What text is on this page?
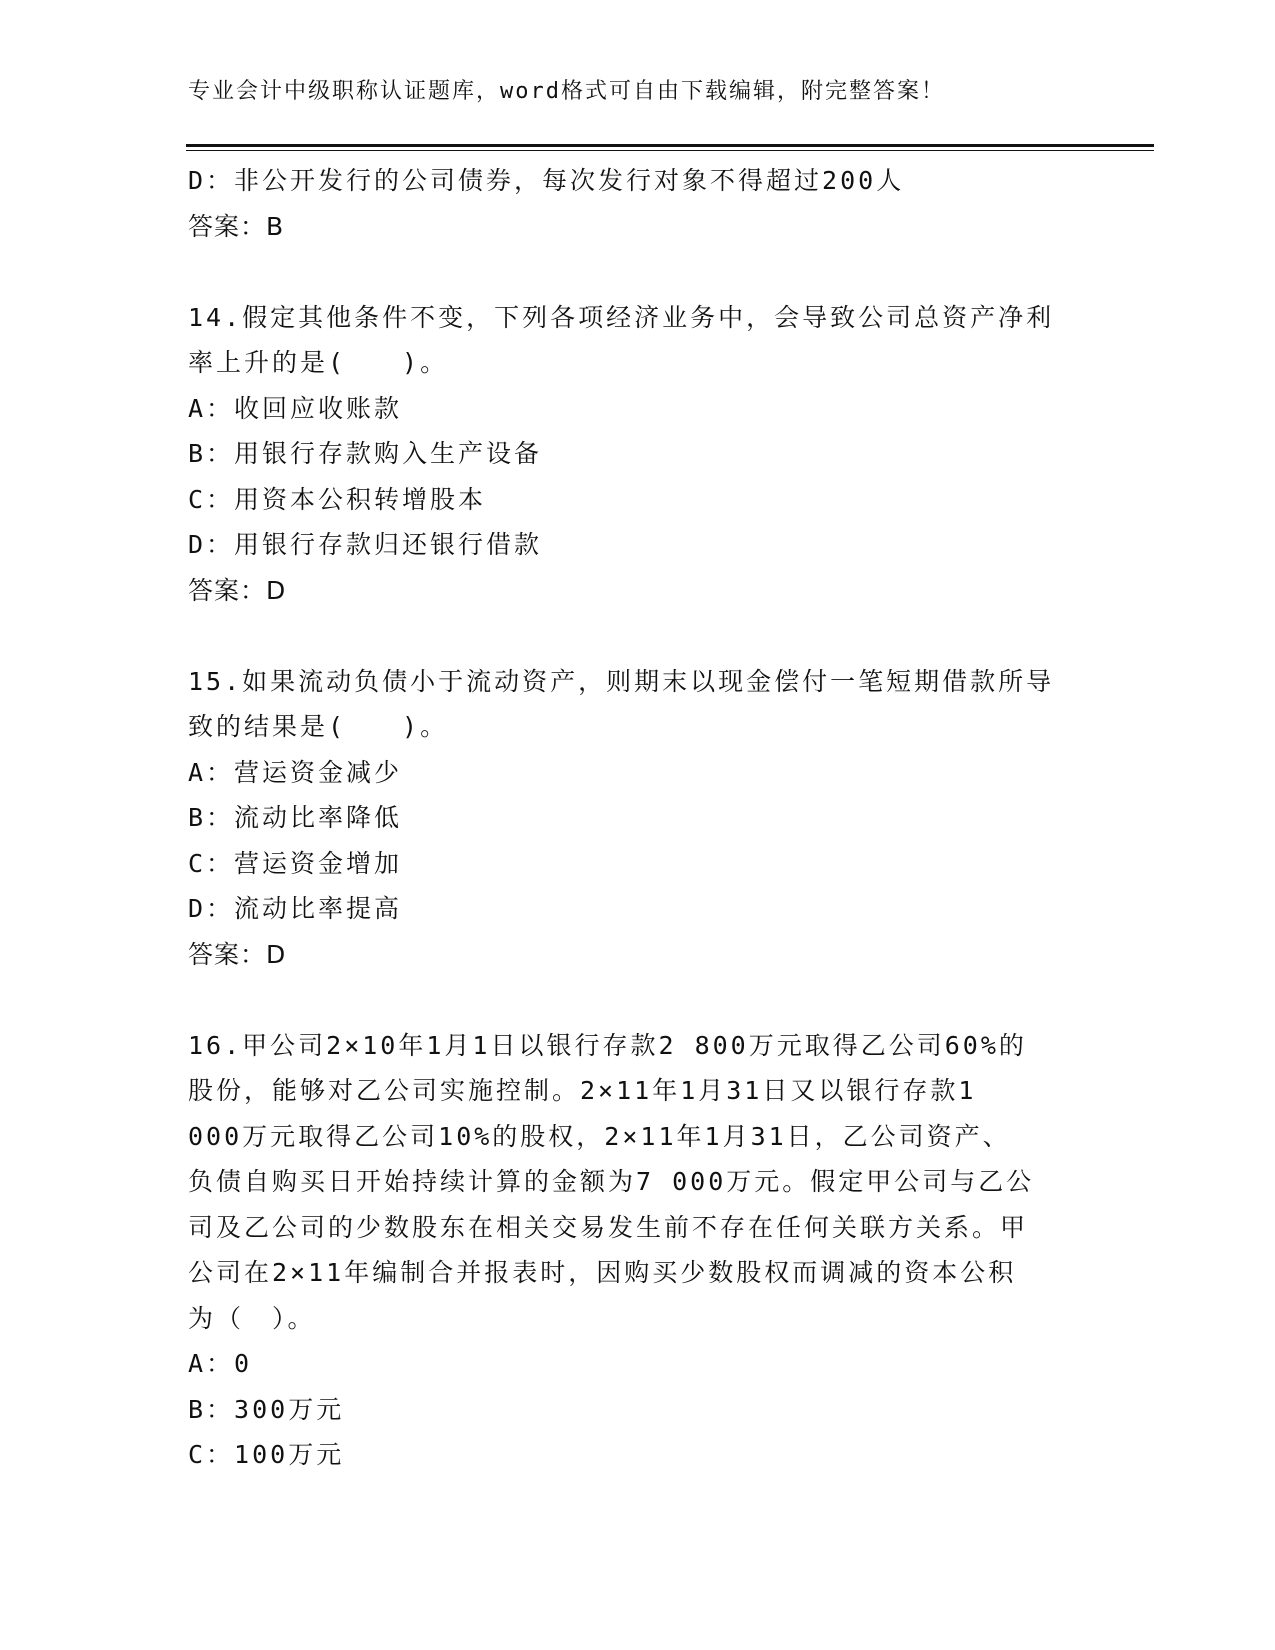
专业会计中级职称认证题库，word格式可自由下载编辑，附完整答案！
D：非公开发行的公司债券，每次发行对象不得超过200人
答案：B
14.假定其他条件不变，下列各项经济业务中，会导致公司总资产净利
率上升的是(　　)。
A：收回应收账款
B：用银行存款购入生产设备
C：用资本公积转增股本
D：用银行存款归还银行借款
答案：D
15.如果流动负债小于流动资产，则期末以现金偿付一笔短期借款所导
致的结果是(　　)。
A：营运资金减少
B：流动比率降低
C：营运资金增加
D：流动比率提高
答案：D
16.甲公司2×10年1月1日以银行存款2 800万元取得乙公司60%的
股份，能够对乙公司实施控制。2×11年1月31日又以银行存款1
000万元取得乙公司10%的股权，2×11年1月31日，乙公司资产、
负债自购买日开始持续计算的金额为7 000万元。假定甲公司与乙公
司及乙公司的少数股东在相关交易发生前不存在任何关联方关系。甲
公司在2×11年编制合并报表时，因购买少数股权而调减的资本公积
为（　）。
A：0
B：300万元
C：100万元
